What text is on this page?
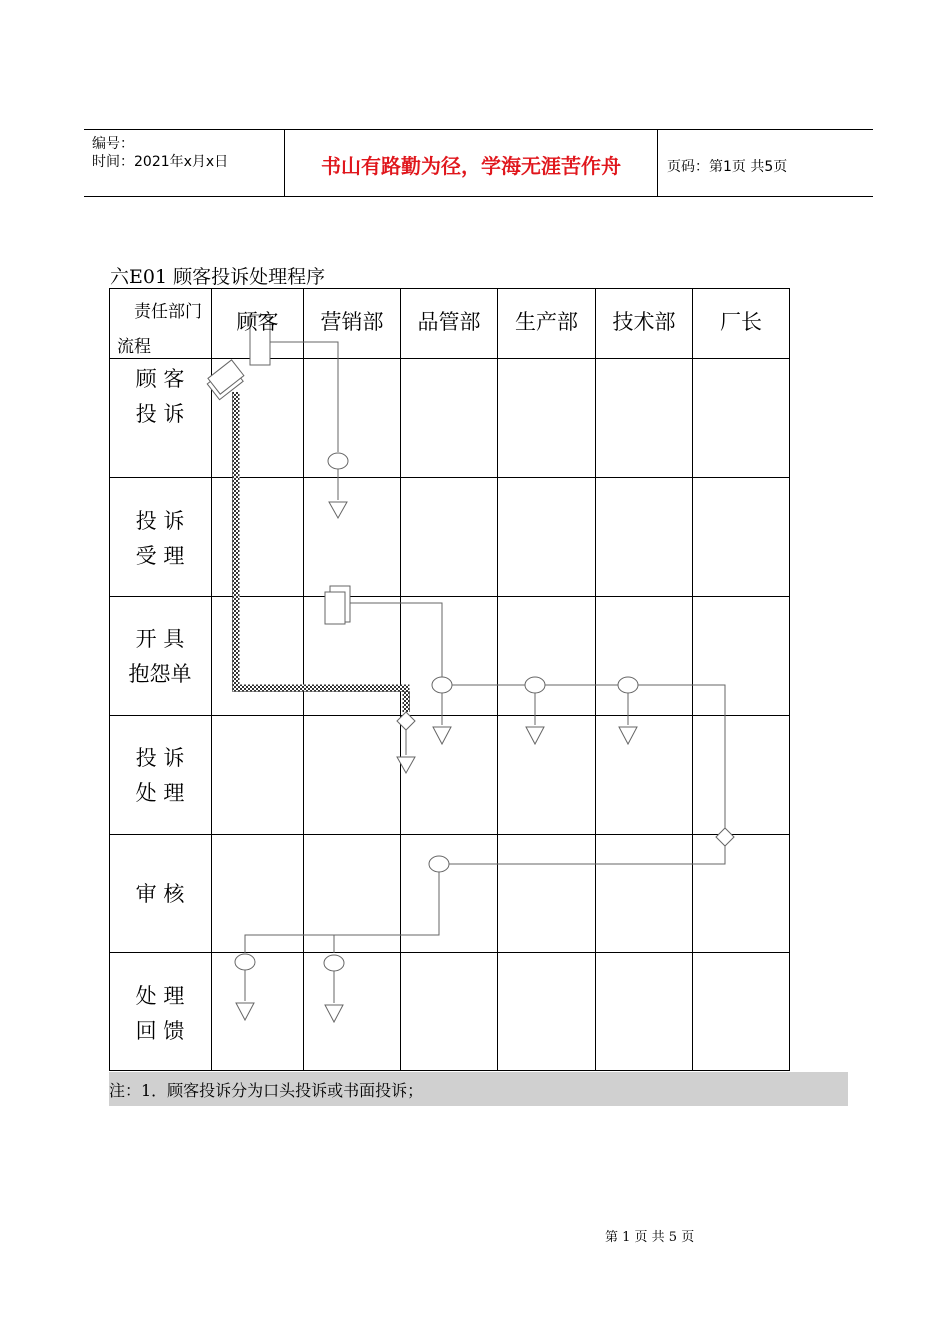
编号：
时间：2021年x月x日	书山有路勤为径，学海无涯苦作舟	页码：第1页 共5页
六E01 顾客投诉处理程序
责任部门
流程
顾客	营销部	品管部	生产部	技术部	厂长
顾 客
投 诉
投 诉
受 理
开 具
抱怨单
投 诉
处 理
审 核
处 理
回 馈
注：1．顾客投诉分为口头投诉或书面投诉；
第 1 页 共 5 页
